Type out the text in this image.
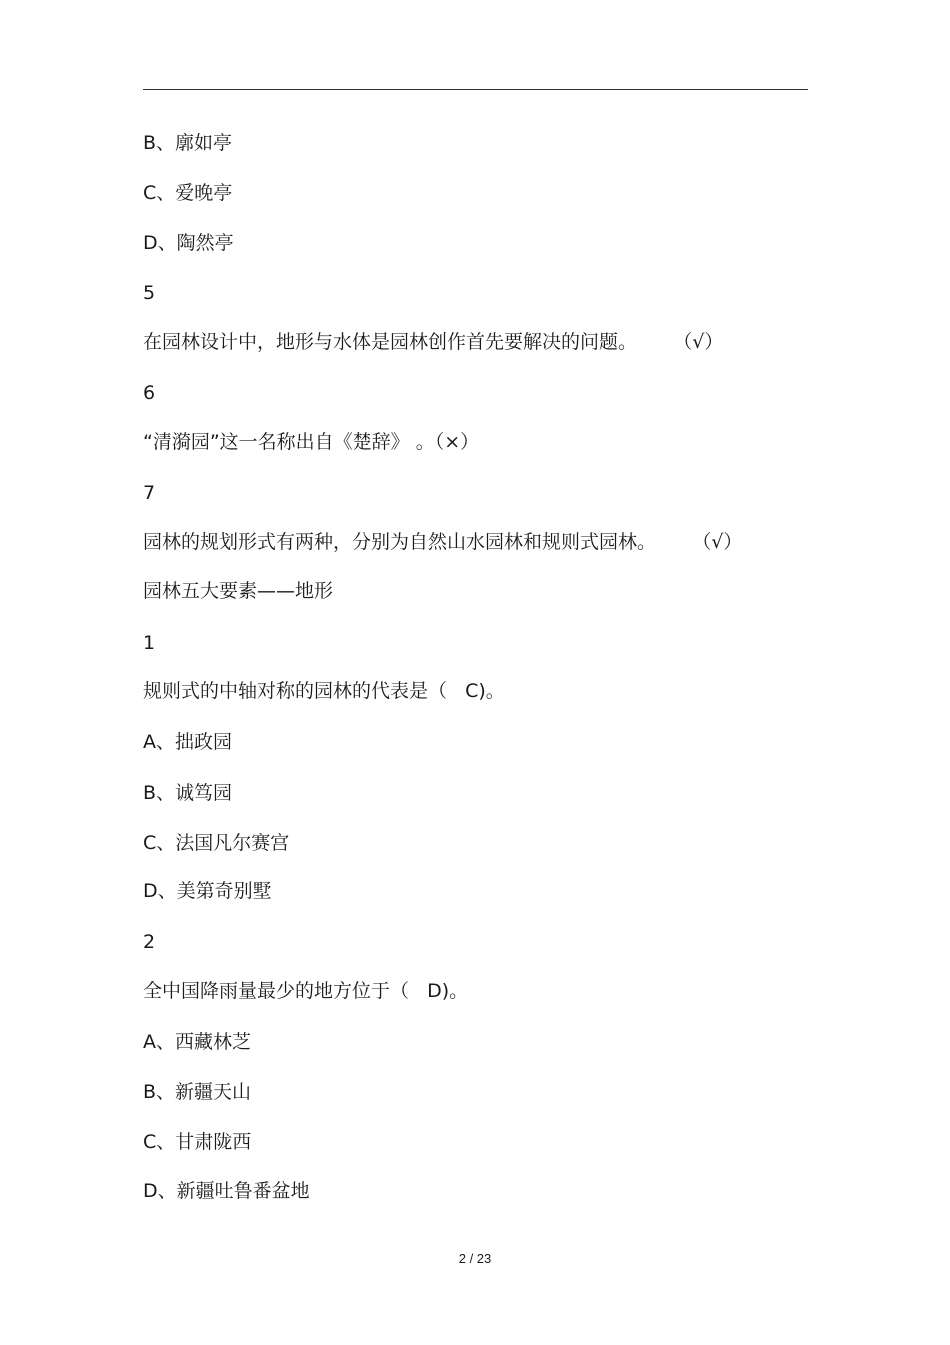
B、廓如亭
C、爱晚亭
D、陶然亭
5
在园林设计中，地形与水体是园林创作首先要解决的问题。      （√）
6
“清漪园”这一名称出自《楚辞》 。（×）
7
园林的规划形式有两种，分别为自然山水园林和规则式园林。      （√）
园林五大要素——地形
1
规则式的中轴对称的园林的代表是（   C)。
A、拙政园
B、诚笃园
C、法国凡尔赛宫
D、美第奇别墅
2
全中国降雨量最少的地方位于（   D)。
A、西藏林芝
B、新疆天山
C、甘肃陇西
D、新疆吐鲁番盆地
2 / 23
